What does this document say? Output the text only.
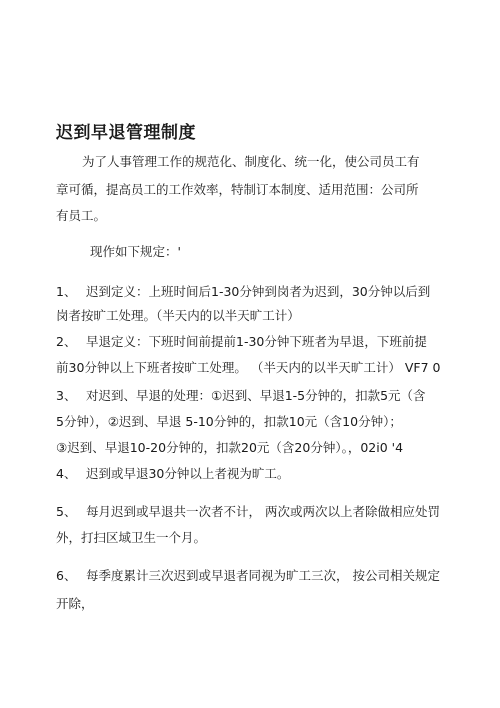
迟到早退管理制度
为了人事管理工作的规范化、制度化、统一化，使公司员工有
章可循，提高员工的工作效率，特制订本制度、适用范围：公司所
有员工。
现作如下规定：'
1、 迟到定义：上班时间后1-30分钟到岗者为迟到，30分钟以后到
岗者按旷工处理。（半天内的以半天旷工计）
2、 早退定义：下班时间前提前1-30分钟下班者为早退，下班前提
前30分钟以上下班者按旷工处理。 （半天内的以半天旷工计） VF7 0
3、 对迟到、早退的处理：①迟到、早退1-5分钟的，扣款5元（含
5分钟），②迟到、早退 5-10分钟的，扣款10元（含10分钟）；
③迟到、早退10-20分钟的，扣款20元（含20分钟）。，02i0 '4
4、 迟到或早退30分钟以上者视为旷工。
5、 每月迟到或早退共一次者不计， 两次或两次以上者除做相应处罚
外，打扫区域卫生一个月。
6、 每季度累计三次迟到或早退者同视为旷工三次， 按公司相关规定
开除，
